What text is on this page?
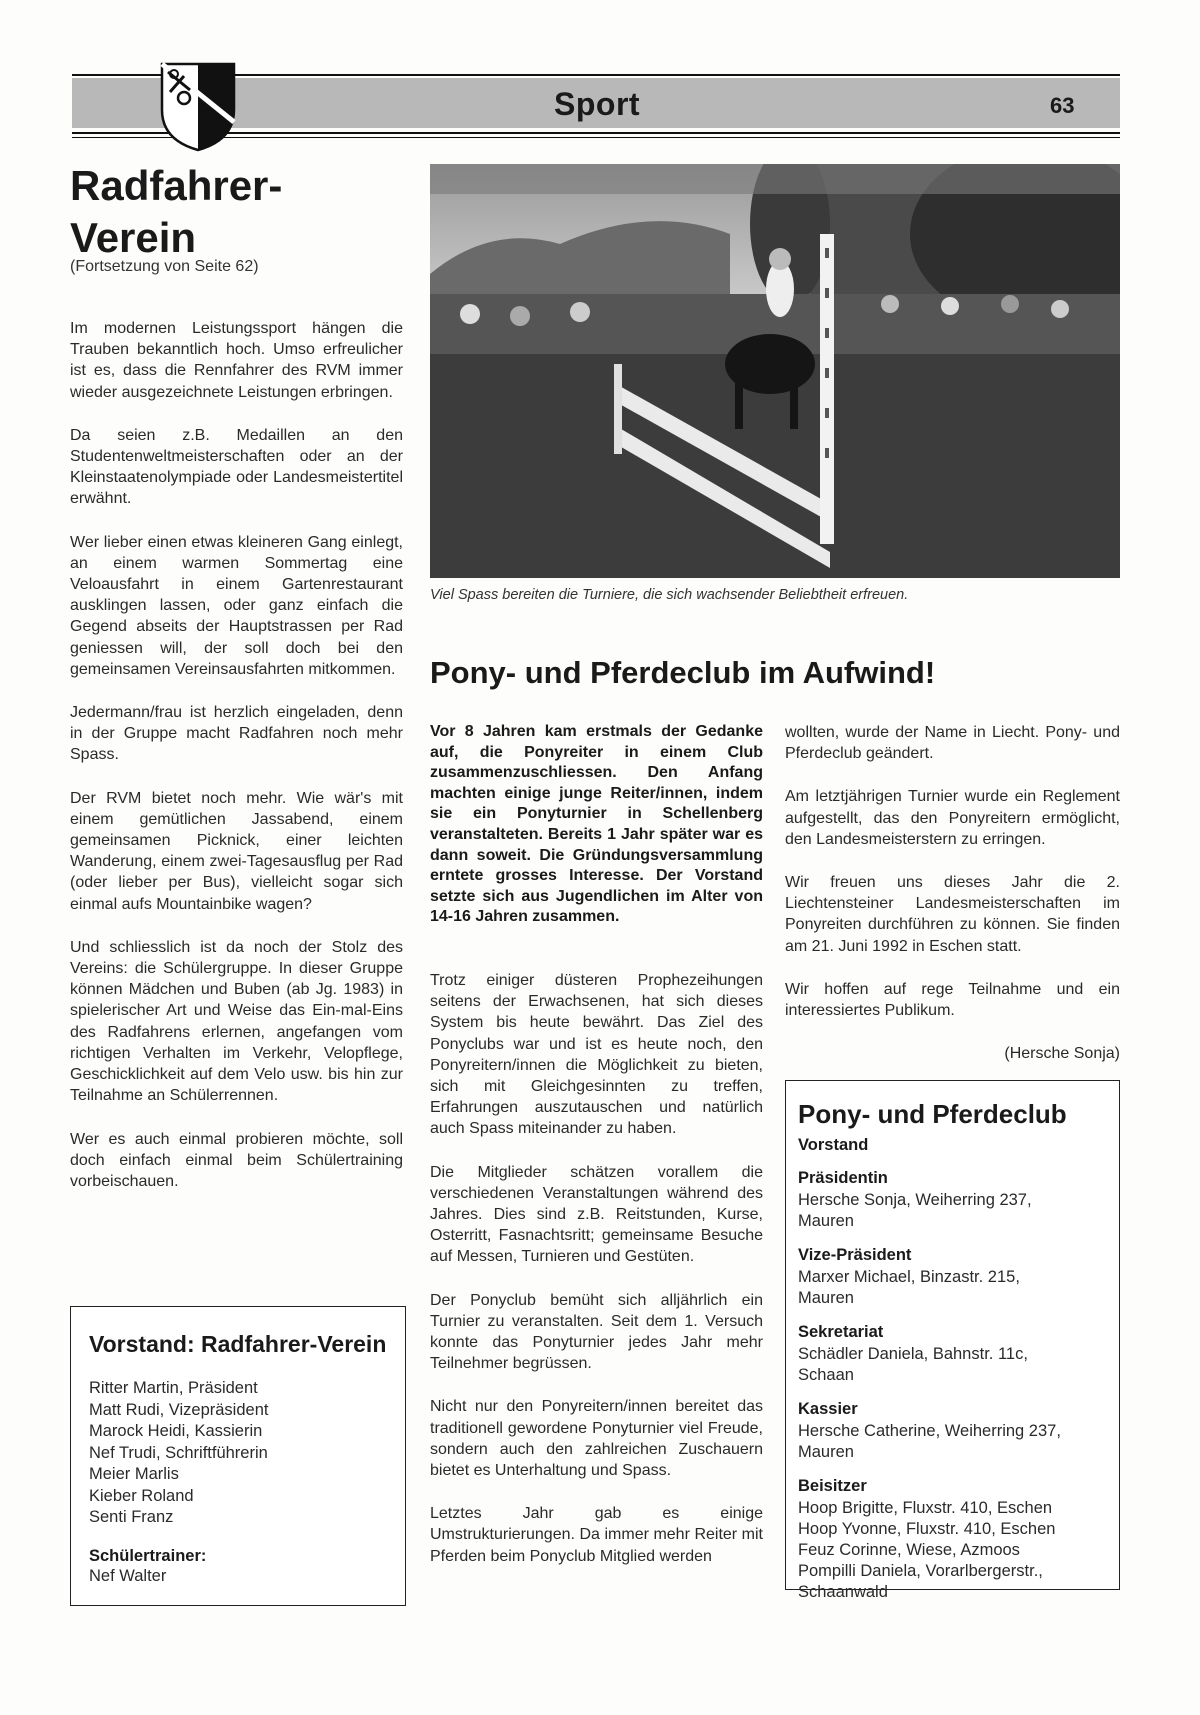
Sport	63
Radfahrer-
Verein
(Fortsetzung von Seite 62)

Im modernen Leistungssport hängen die Trauben bekanntlich hoch. Umso erfreulicher ist es, dass die Rennfahrer des RVM immer wieder ausgezeichnete Leistungen erbringen.

Da seien z.B. Medaillen an den Studentenweltmeisterschaften oder an der Kleinstaatenolympiade oder Landesmeistertitel erwähnt.

Wer lieber einen etwas kleineren Gang einlegt, an einem warmen Sommertag eine Veloausfahrt in einem Gartenrestaurant ausklingen lassen, oder ganz einfach die Gegend abseits der Hauptstrassen per Rad geniessen will, der soll doch bei den gemeinsamen Vereinsausfahrten mitkommen.

Jedermann/frau ist herzlich eingeladen, denn in der Gruppe macht Radfahren noch mehr Spass.

Der RVM bietet noch mehr. Wie wär's mit einem gemütlichen Jassabend, einem gemeinsamen Picknick, einer leichten Wanderung, einem zwei-Tagesausflug per Rad (oder lieber per Bus), vielleicht sogar sich einmal aufs Mountainbike wagen?

Und schliesslich ist da noch der Stolz des Vereins: die Schülergruppe. In dieser Gruppe können Mädchen und Buben (ab Jg. 1983) in spielerischer Art und Weise das Ein-mal-Eins des Radfahrens erlernen, angefangen vom richtigen Verhalten im Verkehr, Velopflege, Geschicklichkeit auf dem Velo usw. bis hin zur Teilnahme an Schülerrennen.

Wer es auch einmal probieren möchte, soll doch einfach einmal beim Schülertraining vorbeischauen.

Vorstand: Radfahrer-Verein
Ritter Martin, Präsident
Matt Rudi, Vizepräsident
Marock Heidi, Kassierin
Nef Trudi, Schriftführerin
Meier Marlis
Kieber Roland
Senti Franz
Schülertrainer:
Nef Walter
Viel Spass bereiten die Turniere, die sich wachsender Beliebtheit erfreuen.
Pony- und Pferdeclub im Aufwind!
Vor 8 Jahren kam erstmals der Gedanke auf, die Ponyreiter in einem Club zusammenzuschliessen. Den Anfang machten einige junge Reiter/innen, indem sie ein Ponyturnier in Schellenberg veranstalteten. Bereits 1 Jahr später war es dann soweit. Die Gründungsversammlung erntete grosses Interesse. Der Vorstand setzte sich aus Jugendlichen im Alter von 14-16 Jahren zusammen.

Trotz einiger düsteren Prophezeihungen seitens der Erwachsenen, hat sich dieses System bis heute bewährt. Das Ziel des Ponyclubs war und ist es heute noch, den Ponyreitern/innen die Möglichkeit zu bieten, sich mit Gleichgesinnten zu treffen, Erfahrungen auszutauschen und natürlich auch Spass miteinander zu haben.

Die Mitglieder schätzen vorallem die verschiedenen Veranstaltungen während des Jahres. Dies sind z.B. Reitstunden, Kurse, Osterritt, Fasnachtsritt; gemeinsame Besuche auf Messen, Turnieren und Gestüten.

Der Ponyclub bemüht sich alljährlich ein Turnier zu veranstalten. Seit dem 1. Versuch konnte das Ponyturnier jedes Jahr mehr Teilnehmer begrüssen.

Nicht nur den Ponyreitern/innen bereitet das traditionell gewordene Ponyturnier viel Freude, sondern auch den zahlreichen Zuschauern bietet es Unterhaltung und Spass.

Letztes Jahr gab es einige Umstrukturierungen. Da immer mehr Reiter mit Pferden beim Ponyclub Mitglied werden

wollten, wurde der Name in Liecht. Pony- und Pferdeclub geändert.

Am letztjährigen Turnier wurde ein Reglement aufgestellt, das den Ponyreitern ermöglicht, den Landesmeisterstern zu erringen.

Wir freuen uns dieses Jahr die 2. Liechtensteiner Landesmeisterschaften im Ponyreiten durchführen zu können. Sie finden am 21. Juni 1992 in Eschen statt.

Wir hoffen auf rege Teilnahme und ein interessiertes Publikum.

(Hersche Sonja)

Pony- und Pferdeclub
Vorstand
Präsidentin
Hersche Sonja, Weiherring 237,
Mauren
Vize-Präsident
Marxer Michael, Binzastr. 215,
Mauren
Sekretariat
Schädler Daniela, Bahnstr. 11c,
Schaan
Kassier
Hersche Catherine, Weiherring 237,
Mauren
Beisitzer
Hoop Brigitte, Fluxstr. 410, Eschen
Hoop Yvonne, Fluxstr. 410, Eschen
Feuz Corinne, Wiese, Azmoos
Pompilli Daniela, Vorarlbergerstr.,
Schaanwald
